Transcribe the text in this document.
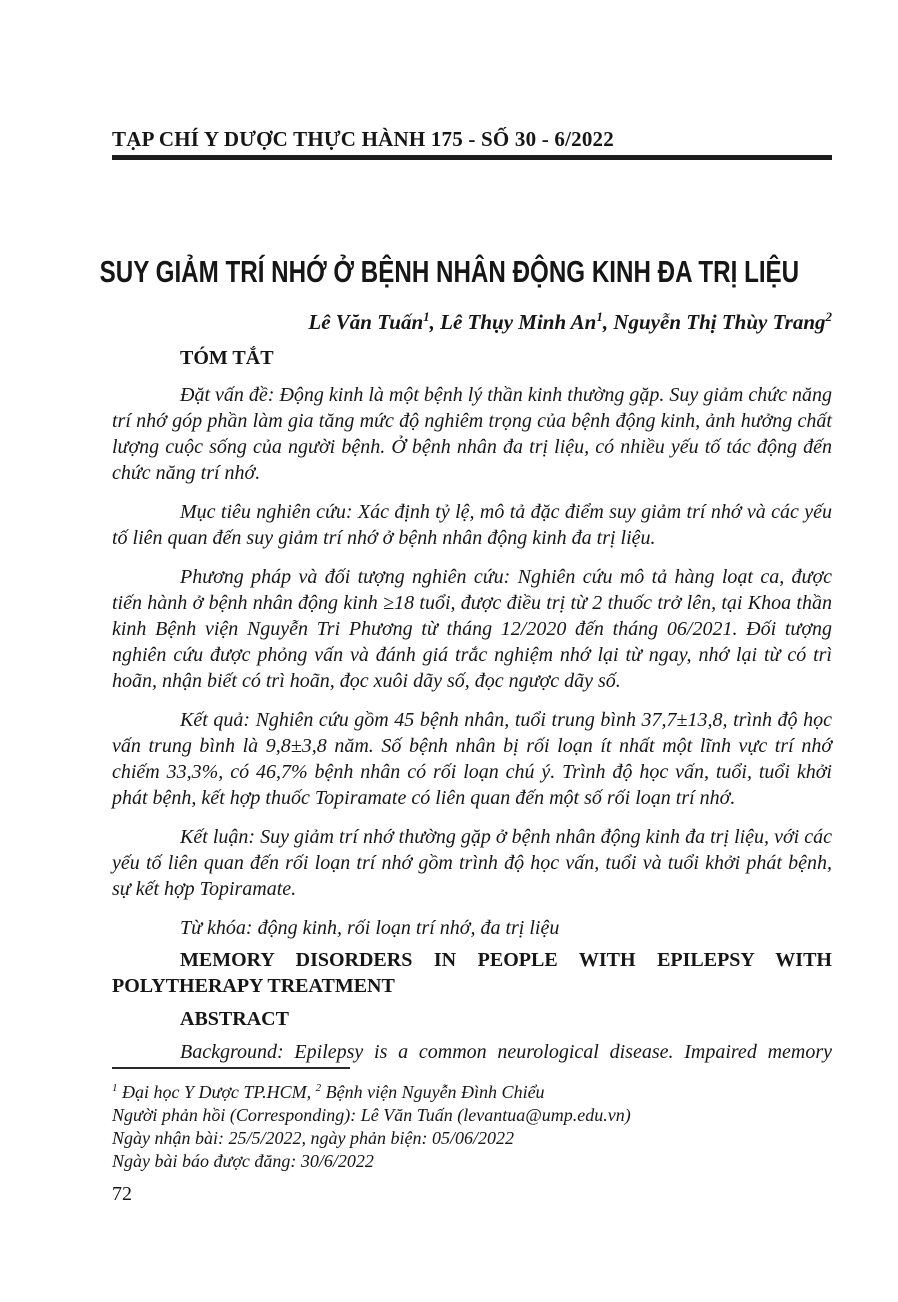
TẠP CHÍ Y DƯỢC THỰC HÀNH 175 - SỐ 30 - 6/2022
SUY GIẢM TRÍ NHỚ Ở BỆNH NHÂN ĐỘNG KINH ĐA TRỊ LIỆU
Lê Văn Tuấn$^1$, Lê Thụy Minh An$^1$, Nguyễn Thị Thùy Trang$^2$
TÓM TẮT

Đặt vấn đề: Động kinh là một bệnh lý thần kinh thường gặp. Suy giảm chức năng trí nhớ góp phần làm gia tăng mức độ nghiêm trọng của bệnh động kinh, ảnh hưởng chất lượng cuộc sống của người bệnh. Ở bệnh nhân đa trị liệu, có nhiều yếu tố tác động đến chức năng trí nhớ.

Mục tiêu nghiên cứu: Xác định tỷ lệ, mô tả đặc điểm suy giảm trí nhớ và các yếu tố liên quan đến suy giảm trí nhớ ở bệnh nhân động kinh đa trị liệu.

Phương pháp và đối tượng nghiên cứu: Nghiên cứu mô tả hàng loạt ca, được tiến hành ở bệnh nhân động kinh ≥18 tuổi, được điều trị từ 2 thuốc trở lên, tại Khoa thần kinh Bệnh viện Nguyễn Tri Phương từ tháng 12/2020 đến tháng 06/2021. Đối tượng nghiên cứu được phỏng vấn và đánh giá trắc nghiệm nhớ lại từ ngay, nhớ lại từ có trì hoãn, nhận biết có trì hoãn, đọc xuôi dãy số, đọc ngược dãy số.

Kết quả: Nghiên cứu gồm 45 bệnh nhân, tuổi trung bình 37,7±13,8, trình độ học vấn trung bình là 9,8±3,8 năm. Số bệnh nhân bị rối loạn ít nhất một lĩnh vực trí nhớ chiếm 33,3%, có 46,7% bệnh nhân có rối loạn chú ý. Trình độ học vấn, tuổi, tuổi khởi phát bệnh, kết hợp thuốc Topiramate có liên quan đến một số rối loạn trí nhớ.

Kết luận: Suy giảm trí nhớ thường gặp ở bệnh nhân động kinh đa trị liệu, với các yếu tố liên quan đến rối loạn trí nhớ gồm trình độ học vấn, tuổi và tuổi khởi phát bệnh, sự kết hợp Topiramate.

Từ khóa: động kinh, rối loạn trí nhớ, đa trị liệu

MEMORY DISORDERS IN PEOPLE WITH EPILEPSY WITH POLYTHERAPY TREATMENT

ABSTRACT

Background: Epilepsy is a common neurological disease. Impaired memory

$^1$ Đại học Y Dược TP.HCM, $^2$ Bệnh viện Nguyễn Đình Chiểu

Người phản hồi (Corresponding): Lê Văn Tuấn (levantua@ump.edu.vn)

Ngày nhận bài: 25/5/2022, ngày phản biện: 05/06/2022

Ngày bài báo được đăng: 30/6/2022

72
